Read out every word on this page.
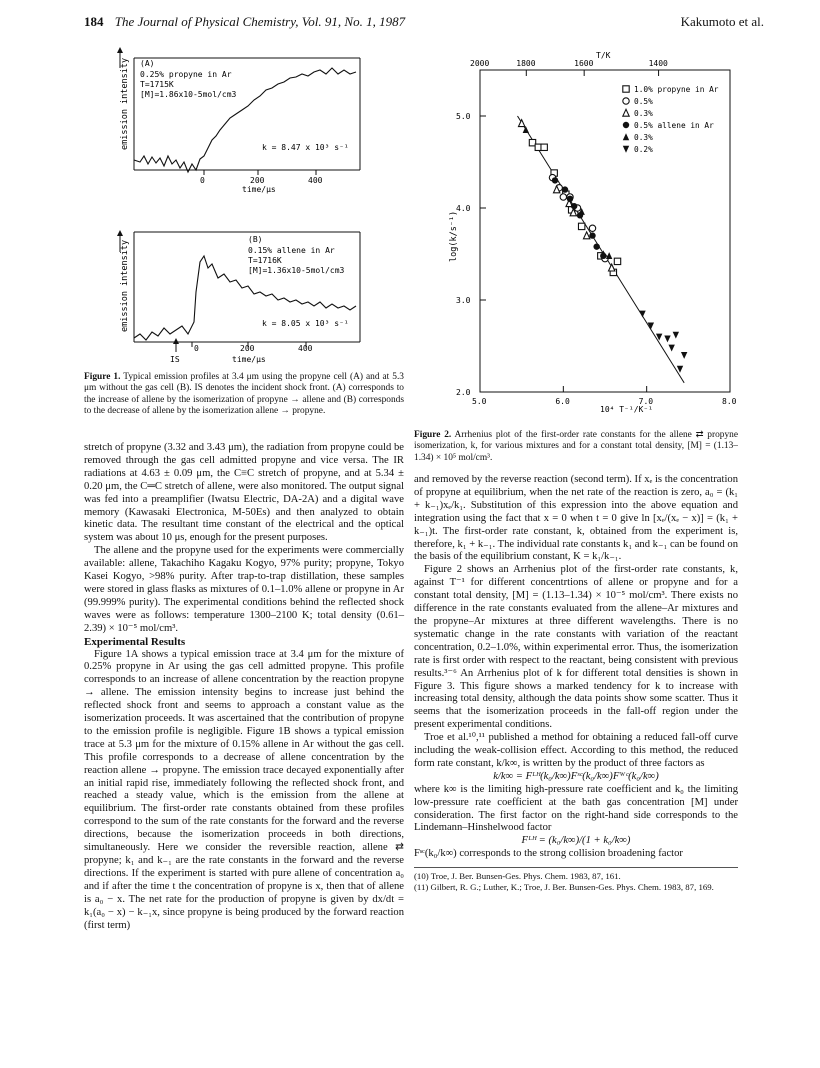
184 The Journal of Physical Chemistry, Vol. 91, No. 1, 1987	Kakumoto et al.
emission intensity (A)
0.25% propyne in Ar
T=1715K
[M]=1.86x10-5mol/cm3
k = 8.47 x 10³ s⁻¹
0	200	400
time/μs
emission intensity
(B)
0.15% allene in Ar
T=1716K
[M]=1.36x10-5mol/cm3
k = 8.05 x 10³ s⁻¹
0	200	400
IS	time/μs
Figure 1. Typical emission profiles at 3.4 μm using the propyne cell (A) and at 5.3 μm without the gas cell (B). IS denotes the incident shock front. (A) corresponds to the increase of allene by the isomerization of propyne → allene and (B) corresponds to the decrease of allene by the isomerization allene → propyne.

stretch of propyne (3.32 and 3.43 μm), the radiation from propyne could be removed through the gas cell admitted propyne and vice versa. The IR radiations at 4.63 ± 0.09 μm, the C≡C stretch of propyne, and at 5.34 ± 0.20 μm, the C═C stretch of allene, were also monitored. The output signal was fed into a preamplifier (Iwatsu Electric, DA-2A) and a digital wave memory (Kawasaki Electronica, M-50Es) and then analyzed to obtain kinetic data. The resultant time constant of the electrical and the optical system was about 10 μs, enough for the present purposes.

The allene and the propyne used for the experiments were commercially available: allene, Takachiho Kagaku Kogyo, 97% purity; propyne, Tokyo Kasei Kogyo, >98% purity. After trap-to-trap distillation, these samples were stored in glass flasks as mixtures of 0.1–1.0% allene or propyne in Ar (99.999% purity). The experimental conditions behind the reflected shock waves were as follows: temperature 1300–2100 K; total density (0.61–2.39) × 10⁻⁵ mol/cm³.

Experimental Results

Figure 1A shows a typical emission trace at 3.4 μm for the mixture of 0.25% propyne in Ar using the gas cell admitted propyne. This profile corresponds to an increase of allene concentration by the reaction propyne → allene. The emission intensity begins to increase just behind the reflected shock front and seems to approach a constant value as the isomerization proceeds. It was ascertained that the contribution of propyne to the emission profile is negligible. Figure 1B shows a typical emission trace at 5.3 μm for the mixture of 0.15% allene in Ar without the gas cell. This profile corresponds to a decrease of allene concentration by the reaction allene → propyne. The emission trace decayed exponentially after an initial rapid rise, immediately following the reflected shock front, and reached a steady value, which is the emission from the allene at equilibrium. The first-order rate constants obtained from these profiles correspond to the sum of the rate constants for the forward and the reverse directions, because the isomerization proceeds in both directions, simultaneously. Here we consider the reversible reaction, allene ⇄ propyne; k₁ and k₋₁ are the rate constants in the forward and the reverse directions. If the experiment is started with pure allene of concentration a₀ and if after the time t the concentration of propyne is x, then that of allene is a₀ − x. The net rate for the production of propyne is given by dx/dt = k₁(a₀ − x) − k₋₁x, since propyne is being produced by the forward reaction (first term)

T/K
5.0	6.0	7.0	8.0
5.0
4.0
3.0
2.0
2000	1800	1600	1400
log(k/s⁻¹)
10⁴ T⁻¹/K⁻¹
1.0% propyne in Ar
0.5%
0.3%
0.5% allene in Ar
0.3%
0.2%
Figure 2. Arrhenius plot of the first-order rate constants for the allene ⇄ propyne isomerization, k, for various mixtures and for a constant total density, [M] = (1.13–1.34) × 10⁵ mol/cm³.

and removed by the reverse reaction (second term). If xₑ is the concentration of propyne at equilibrium, when the net rate of the reaction is zero, a₀ = (k₁ + k₋₁)xₑ/k₁. Substitution of this expression into the above equation and integration using the fact that x = 0 when t = 0 give ln [xₑ/(xₑ − x)] = (k₁ + k₋₁)t. The first-order rate constant, k, obtained from the experiment is, therefore, k₁ + k₋₁. The individual rate constants k₁ and k₋₁ can be found on the basis of the equilibrium constant, K = k₁/k₋₁.

Figure 2 shows an Arrhenius plot of the first-order rate constants, k, against T⁻¹ for different concentrtions of allene or propyne and for a constant total density, [M] = (1.13–1.34) × 10⁻⁵ mol/cm³. There exists no difference in the rate constants evaluated from the allene–Ar mixtures and the propyne–Ar mixtures at three different wavelengths. There is no systematic change in the rate constants with variation of the reactant concentration, 0.2–1.0%, within experimental error. Thus, the isomerization rate is first order with respect to the reactant, being consistent with previous results.³⁻⁶ An Arrhenius plot of k for different total densities is shown in Figure 3. This figure shows a marked tendency for k to increase with increasing total density, although the data points show some scatter. Thus it seems that the isomerization proceeds in the fall-off region under the present experimental conditions.

Troe et al.¹⁰,¹¹ published a method for obtaining a reduced fall-off curve including the weak-collision effect. According to this method, the reduced form rate constant, k/k∞, is written by the product of three factors as

k/k∞ = Fᴸᴴ(k₀/k∞)Fˢᶜ(k₀/k∞)Fᵂᶜ(k₀/k∞)

where k∞ is the limiting high-pressure rate coefficient and k₀ the limiting low-pressure rate coefficient at the bath gas concentration [M] under consideration. The first factor on the right-hand side corresponds to the Lindemann–Hinshelwood factor

Fᴸᴴ = (k₀/k∞)/(1 + k₀/k∞)

Fˢᶜ(k₀/k∞) corresponds to the strong collision broadening factor

(10) Troe, J. Ber. Bunsen-Ges. Phys. Chem. 1983, 87, 161.
(11) Gilbert, R. G.; Luther, K.; Troe, J. Ber. Bunsen-Ges. Phys. Chem. 1983, 87, 169.
